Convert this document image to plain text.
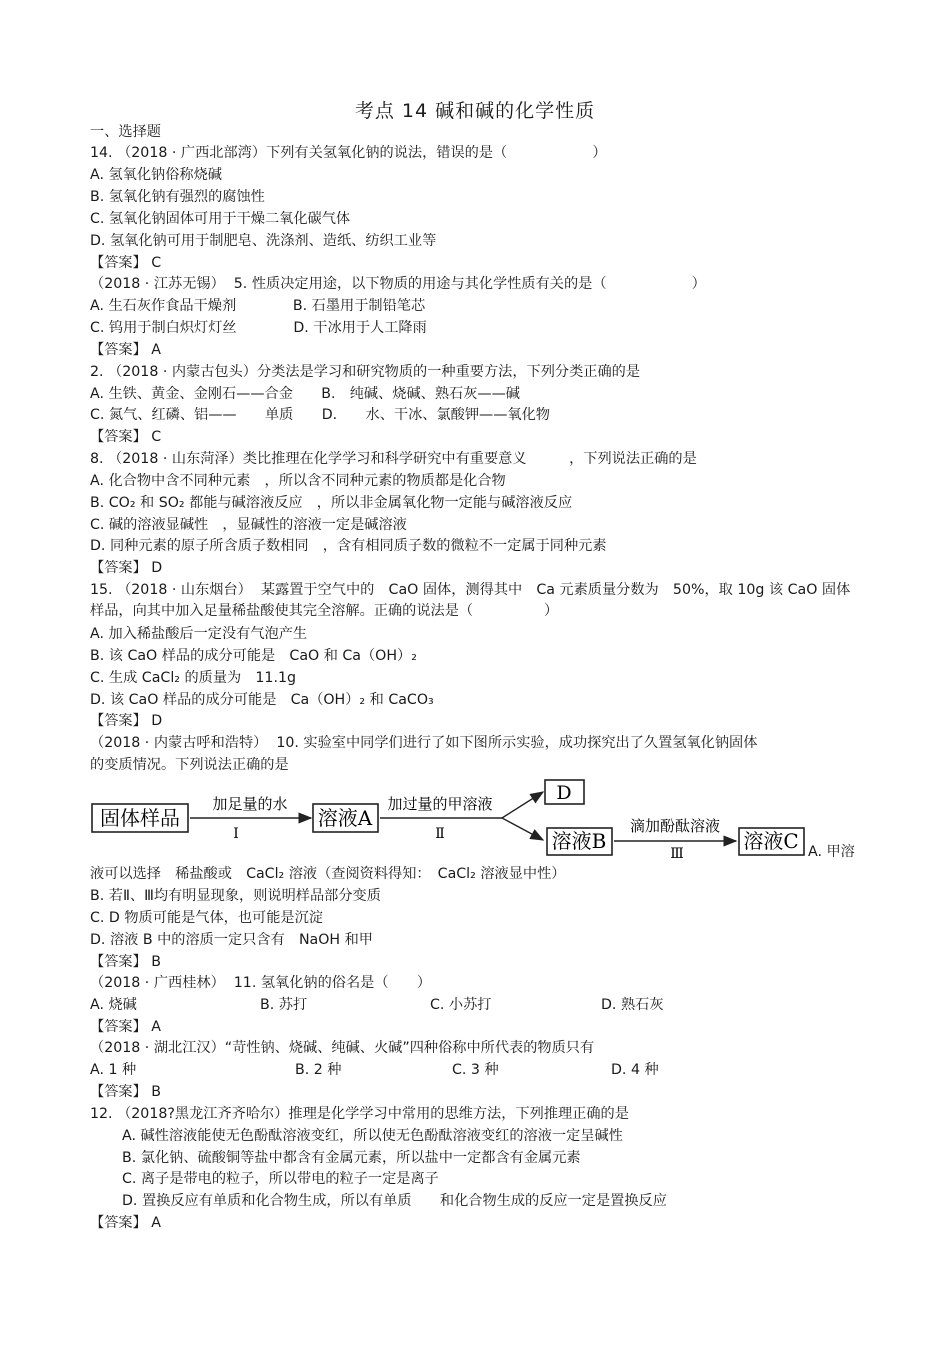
考点 14 碱和碱的化学性质
一、选择题
14. （2018 · 广西北部湾）下列有关氢氧化钠的说法，错误的是（　　　　　　）
A. 氢氧化钠俗称烧碱
B. 氢氧化钠有强烈的腐蚀性
C. 氢氧化钠固体可用于干燥二氧化碳气体
D. 氢氧化钠可用于制肥皂、洗涤剂、造纸、纺织工业等
【答案】 C
（2018 · 江苏无锡）  5. 性质决定用途，以下物质的用途与其化学性质有关的是（　　　　　　）
A. 生石灰作食品干燥剂　　　　B. 石墨用于制铅笔芯
C. 钨用于制白炽灯灯丝　　　　D. 干冰用于人工降雨
【答案】 A
2. （2018 · 内蒙古包头）分类法是学习和研究物质的一种重要方法，下列分类正确的是
A. 生铁、黄金、金刚石——合金　　B.　纯碱、烧碱、熟石灰——碱
C. 氮气、红磷、铝——　　单质　　D.　　水、干冰、氯酸钾——氧化物
【答案】 C
8. （2018 · 山东菏泽）类比推理在化学学习和科学研究中有重要意义　　　，下列说法正确的是
A. 化合物中含不同种元素　，所以含不同种元素的物质都是化合物
B. CO₂ 和 SO₂ 都能与碱溶液反应　，所以非金属氧化物一定能与碱溶液反应
C. 碱的溶液显碱性　，显碱性的溶液一定是碱溶液
D. 同种元素的原子所含质子数相同　，含有相同质子数的微粒不一定属于同种元素
【答案】 D
15. （2018 · 山东烟台）  某露置于空气中的　CaO 固体，测得其中　Ca 元素质量分数为　50%，取 10g 该 CaO 固体
样品，向其中加入足量稀盐酸使其完全溶解。正确的说法是（　　　　　）
A. 加入稀盐酸后一定没有气泡产生
B. 该 CaO 样品的成分可能是　CaO 和 Ca（OH）₂
C. 生成 CaCl₂ 的质量为　11.1g
D. 该 CaO 样品的成分可能是　Ca（OH）₂ 和 CaCO₃
【答案】 D
（2018 · 内蒙古呼和浩特）  10. 实验室中同学们进行了如下图所示实验，成功探究出了久置氢氧化钠固体
的变质情况。下列说法正确的是
固体样品
加足量的水
Ⅰ
溶液A
加过量的甲溶液
Ⅱ
D
溶液B
滴加酚酞溶液
Ⅲ
溶液C A. 甲溶
液可以选择　稀盐酸或　CaCl₂ 溶液（查阅资料得知：　CaCl₂ 溶液显中性）
B. 若Ⅱ、Ⅲ均有明显现象，则说明样品部分变质
C. D 物质可能是气体，也可能是沉淀
D. 溶液 B 中的溶质一定只含有　NaOH 和甲
【答案】 B
（2018 · 广西桂林）  11. 氢氧化钠的俗名是（　　）
A. 烧碱	B. 苏打	C. 小苏打	D. 熟石灰
【答案】 A
（2018 · 湖北江汉）“苛性钠、烧碱、纯碱、火碱”四种俗称中所代表的物质只有
A. 1 种	B. 2 种	C. 3 种	D. 4 种
【答案】 B
12. （2018?黑龙江齐齐哈尔）推理是化学学习中常用的思维方法，下列推理正确的是
A. 碱性溶液能使无色酚酞溶液变红，所以使无色酚酞溶液变红的溶液一定呈碱性
B. 氯化钠、硫酸铜等盐中都含有金属元素，所以盐中一定都含有金属元素
C. 离子是带电的粒子，所以带电的粒子一定是离子
D. 置换反应有单质和化合物生成，所以有单质　　和化合物生成的反应一定是置换反应
【答案】 A
